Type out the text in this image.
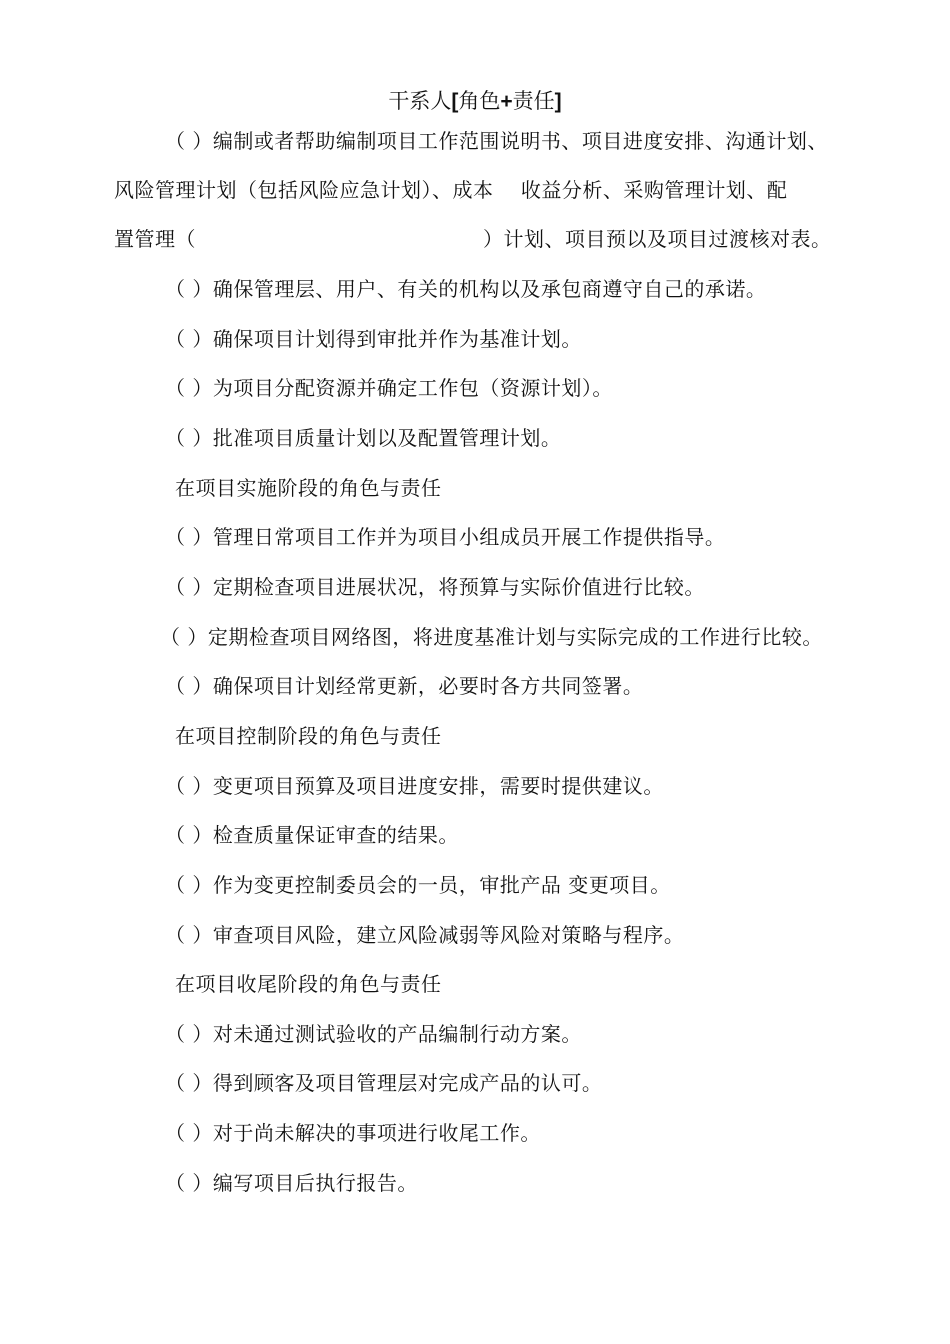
干系人[角色+责任]
（ ）编制或者帮助编制项目工作范围说明书、项目进度安排、沟通计划、
风险管理计划（包括风险应急计划）、成本　 收益分析、采购管理计划、配
置管理（　　　　　　　　　　　　　　）计划、项目预以及项目过渡核对表。
（ ）确保管理层、用户、有关的机构以及承包商遵守自己的承诺。
（ ）确保项目计划得到审批并作为基准计划。
（ ）为项目分配资源并确定工作包（资源计划）。
（ ）批准项目质量计划以及配置管理计划。
在项目实施阶段的角色与责任
（ ）管理日常项目工作并为项目小组成员开展工作提供指导。
（ ）定期检查项目进展状况，将预算与实际价值进行比较。
（ ）定期检查项目网络图，将进度基准计划与实际完成的工作进行比较。
（ ）确保项目计划经常更新，必要时各方共同签署。
在项目控制阶段的角色与责任
（ ）变更项目预算及项目进度安排，需要时提供建议。
（ ）检查质量保证审查的结果。
（ ）作为变更控制委员会的一员，审批产品 变更项目。
（ ）审查项目风险，建立风险减弱等风险对策略与程序。
在项目收尾阶段的角色与责任
（ ）对未通过测试验收的产品编制行动方案。
（ ）得到顾客及项目管理层对完成产品的认可。
（ ）对于尚未解决的事项进行收尾工作。
（ ）编写项目后执行报告。
